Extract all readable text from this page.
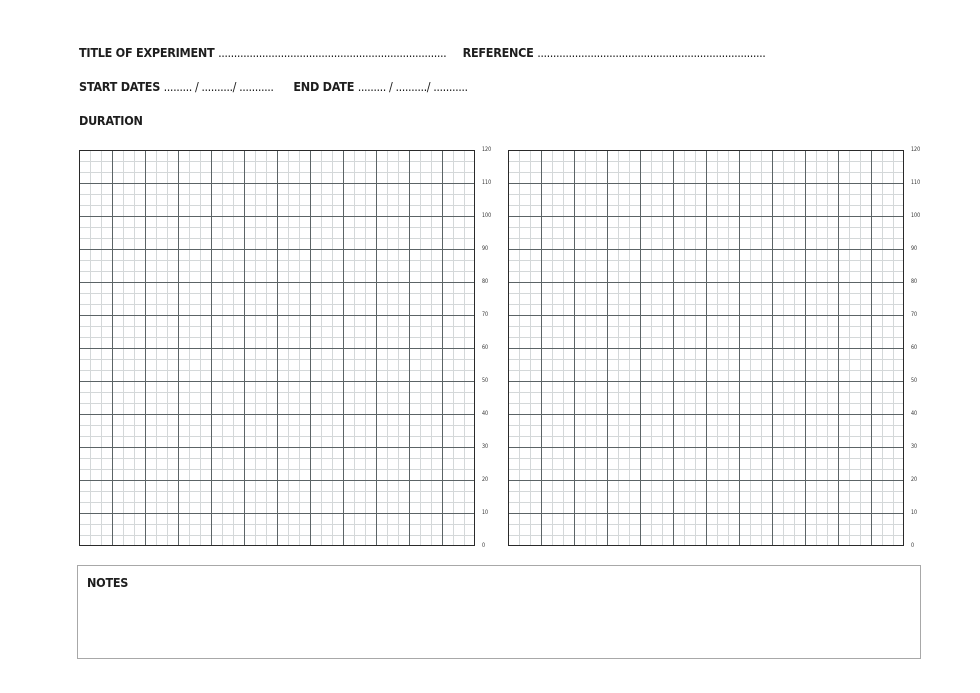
TITLE OF EXPERIMENT ......................................................................... REFERENCE .........................................................................
START DATES ......... / ........../ ........... END DATE ......... / ........../ ...........
DURATION
120
110
100
90
80
70
60
50
40
30
20
10
0
120
110
100
90
80
70
60
50
40
30
20
10
0
NOTES
